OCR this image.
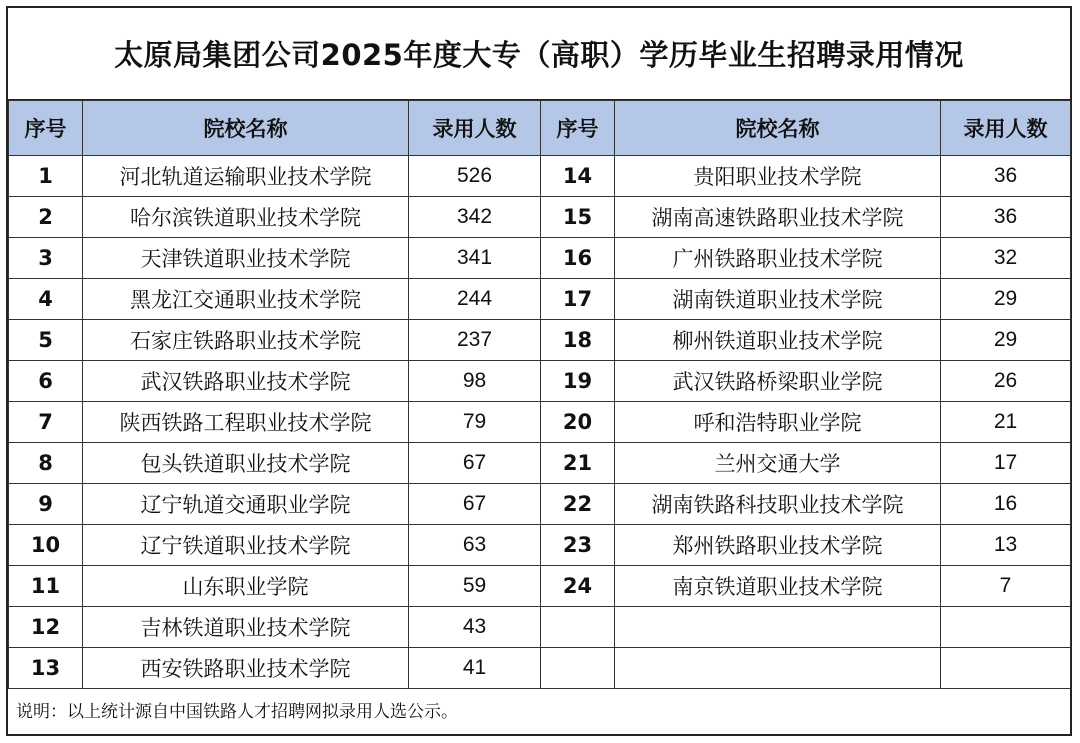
太原局集团公司2025年度大专（高职）学历毕业生招聘录用情况
序号	院校名称	录用人数	序号	院校名称	录用人数
1	河北轨道运输职业技术学院	526	14	贵阳职业技术学院	36
2	哈尔滨铁道职业技术学院	342	15	湖南高速铁路职业技术学院	36
3	天津铁道职业技术学院	341	16	广州铁路职业技术学院	32
4	黑龙江交通职业技术学院	244	17	湖南铁道职业技术学院	29
5	石家庄铁路职业技术学院	237	18	柳州铁道职业技术学院	29
6	武汉铁路职业技术学院	98	19	武汉铁路桥梁职业学院	26
7	陕西铁路工程职业技术学院	79	20	呼和浩特职业学院	21
8	包头铁道职业技术学院	67	21	兰州交通大学	17
9	辽宁轨道交通职业学院	67	22	湖南铁路科技职业技术学院	16
10	辽宁铁道职业技术学院	63	23	郑州铁路职业技术学院	13
11	山东职业学院	59	24	南京铁道职业技术学院	7
12	吉林铁道职业技术学院	43			
13	西安铁路职业技术学院	41			
说明：以上统计源自中国铁路人才招聘网拟录用人选公示。
